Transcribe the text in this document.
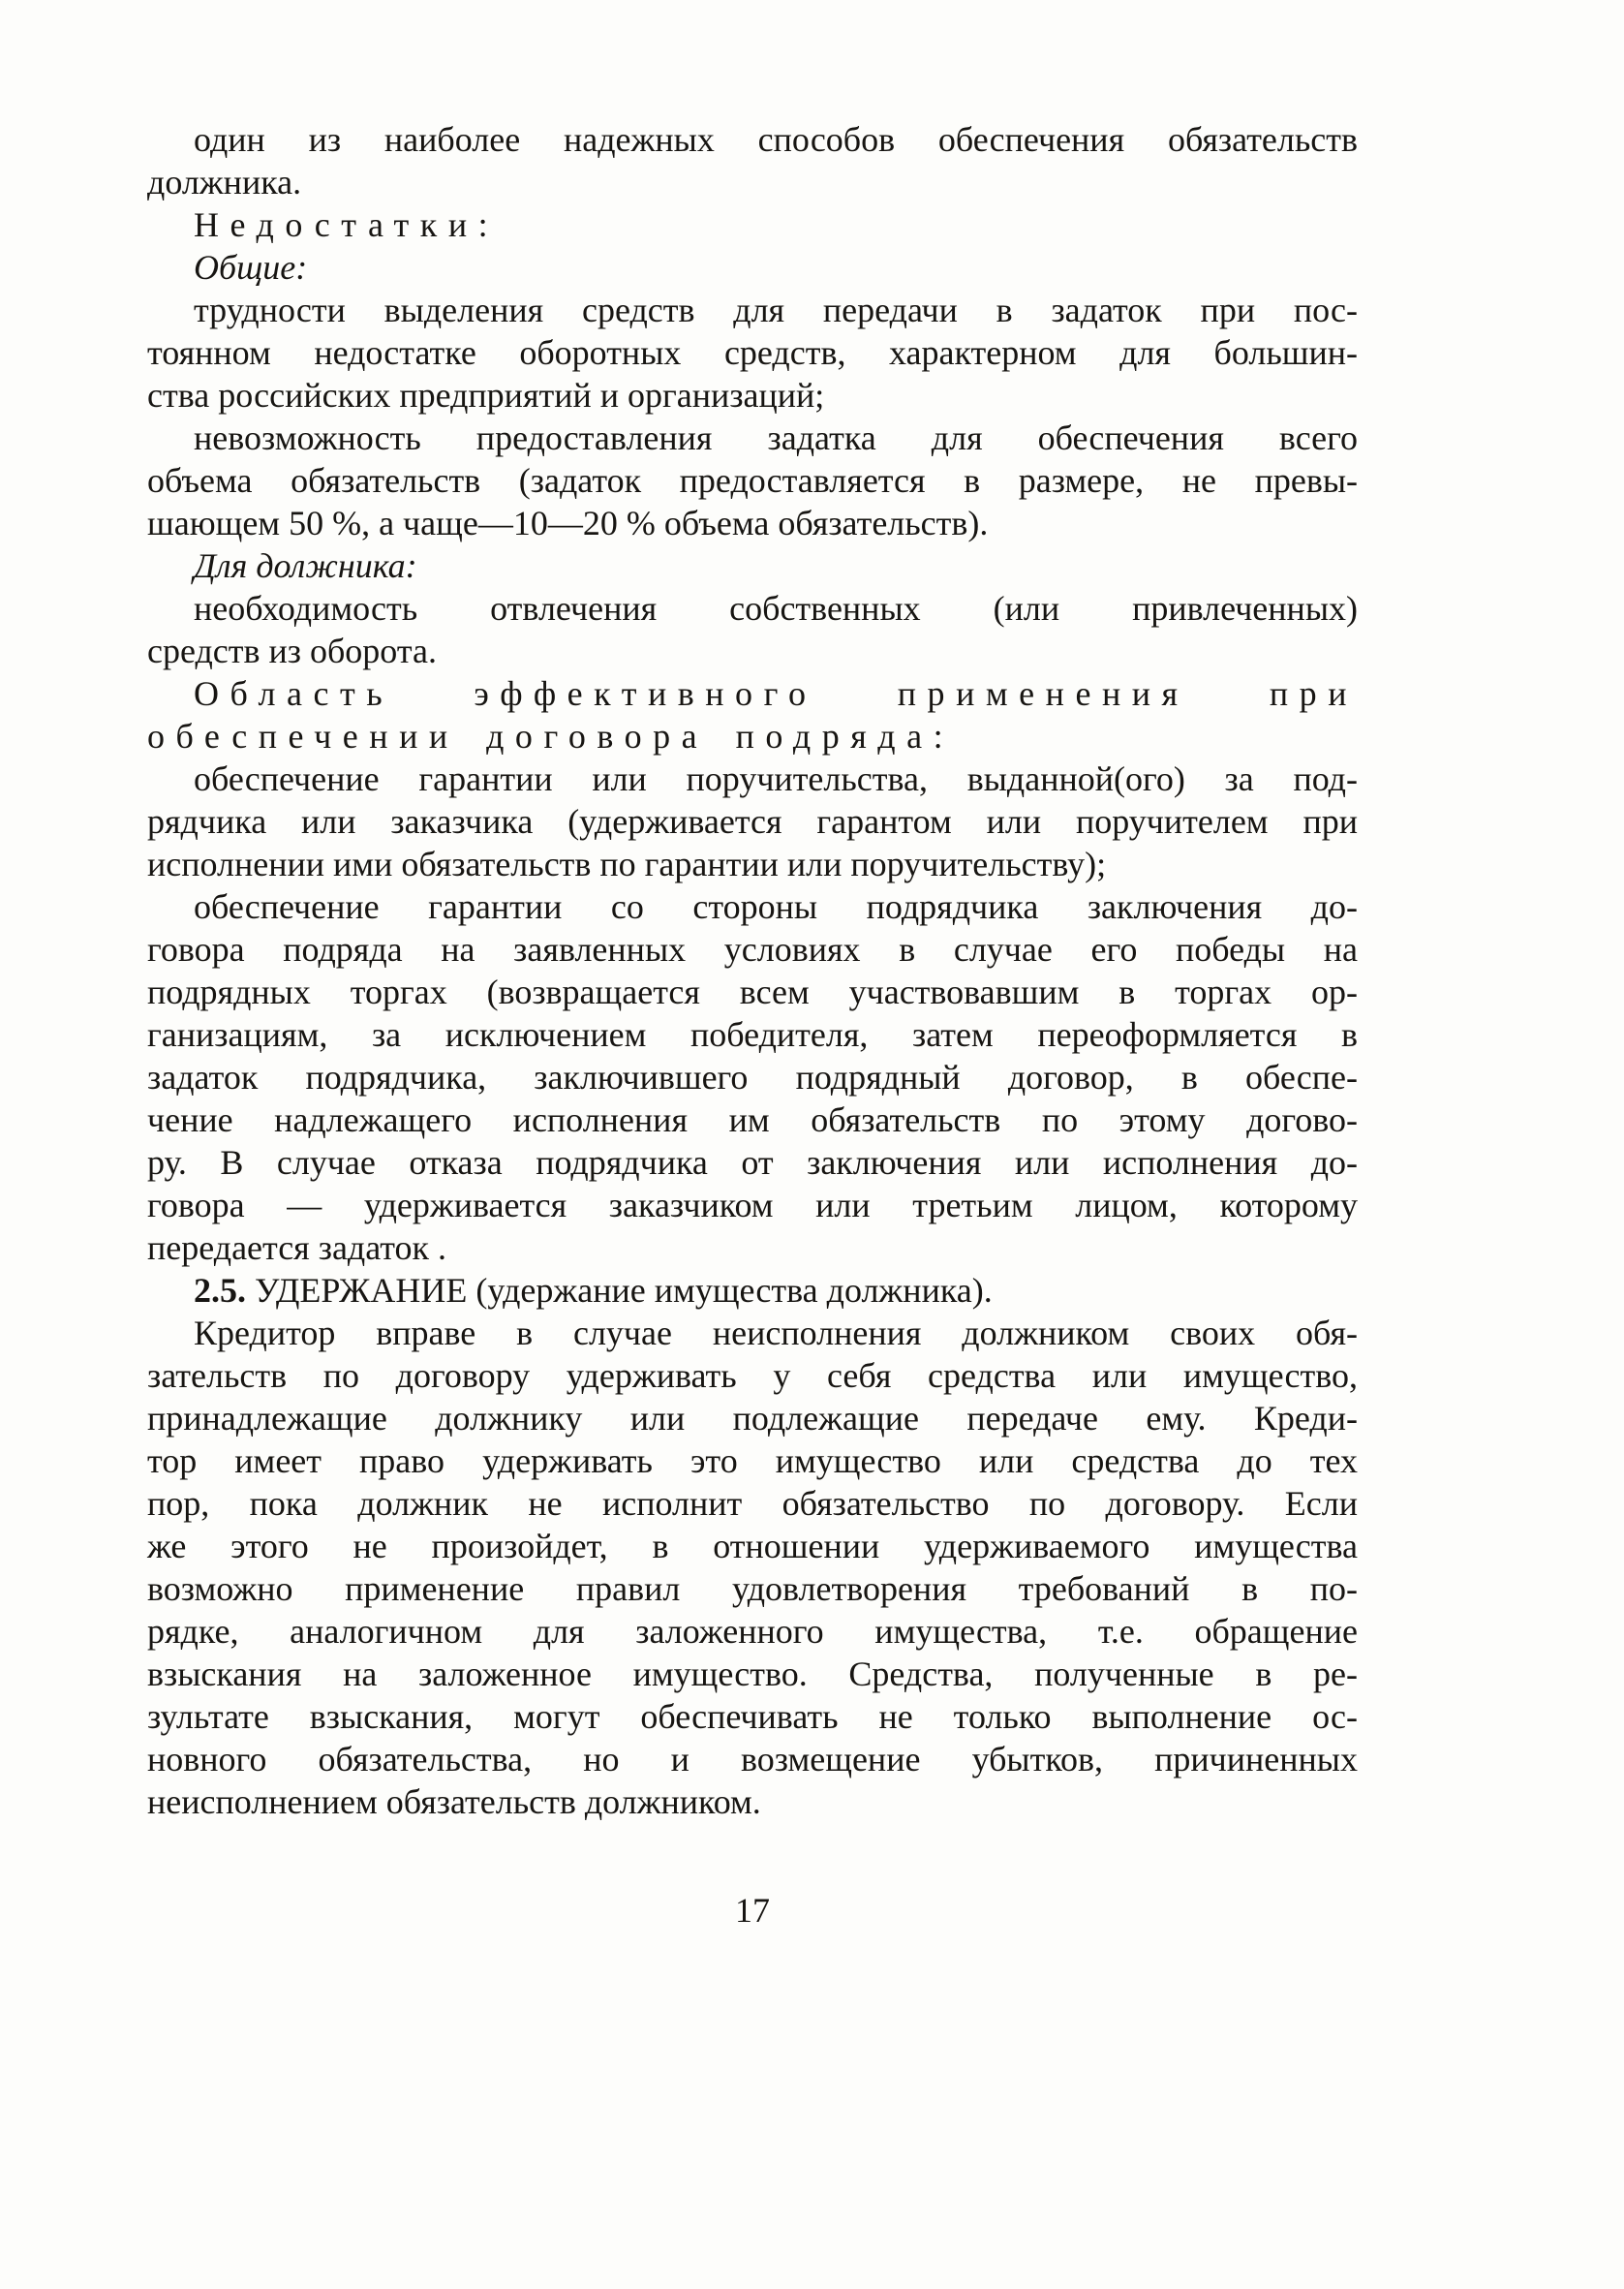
один из наиболее надежных способов обеспечения обязательств
должника.
Недостатки:
Общие:
трудности выделения средств для передачи в задаток при пос-
тоянном недостатке оборотных средств, характерном для большин-
ства российских предприятий и организаций;
невозможность предоставления задатка для обеспечения всего
объема обязательств (задаток предоставляется в размере, не превы-
шающем 50 %, а чаще—10—20 % объема обязательств).
Для должника:
необходимость отвлечения собственных (или привлеченных)
средств из оборота.
Область эффективного применения при
обеспечении договора подряда:
обеспечение гарантии или поручительства, выданной(ого) за под-
рядчика или заказчика (удерживается гарантом или поручителем при
исполнении ими обязательств по гарантии или поручительству);
обеспечение гарантии со стороны подрядчика заключения до-
говора подряда на заявленных условиях в случае его победы на
подрядных торгах (возвращается всем участвовавшим в торгах ор-
ганизациям, за исключением победителя, затем переоформляется в
задаток подрядчика, заключившего подрядный договор, в обеспе-
чение надлежащего исполнения им обязательств по этому догово-
ру. В случае отказа подрядчика от заключения или исполнения до-
говора — удерживается заказчиком или третьим лицом, которому
передается задаток .
2.5. УДЕРЖАНИЕ (удержание имущества должника).
Кредитор вправе в случае неисполнения должником своих обя-
зательств по договору удерживать у себя средства или имущество,
принадлежащие должнику или подлежащие передаче ему. Креди-
тор имеет право удерживать это имущество или средства до тех
пор, пока должник не исполнит обязательство по договору. Если
же этого не произойдет, в отношении удерживаемого имущества
возможно применение правил удовлетворения требований в по-
рядке, аналогичном для заложенного имущества, т.е. обращение
взыскания на заложенное имущество. Средства, полученные в ре-
зультате взыскания, могут обеспечивать не только выполнение ос-
новного обязательства, но и возмещение убытков, причиненных
неисполнением обязательств должником.
17
